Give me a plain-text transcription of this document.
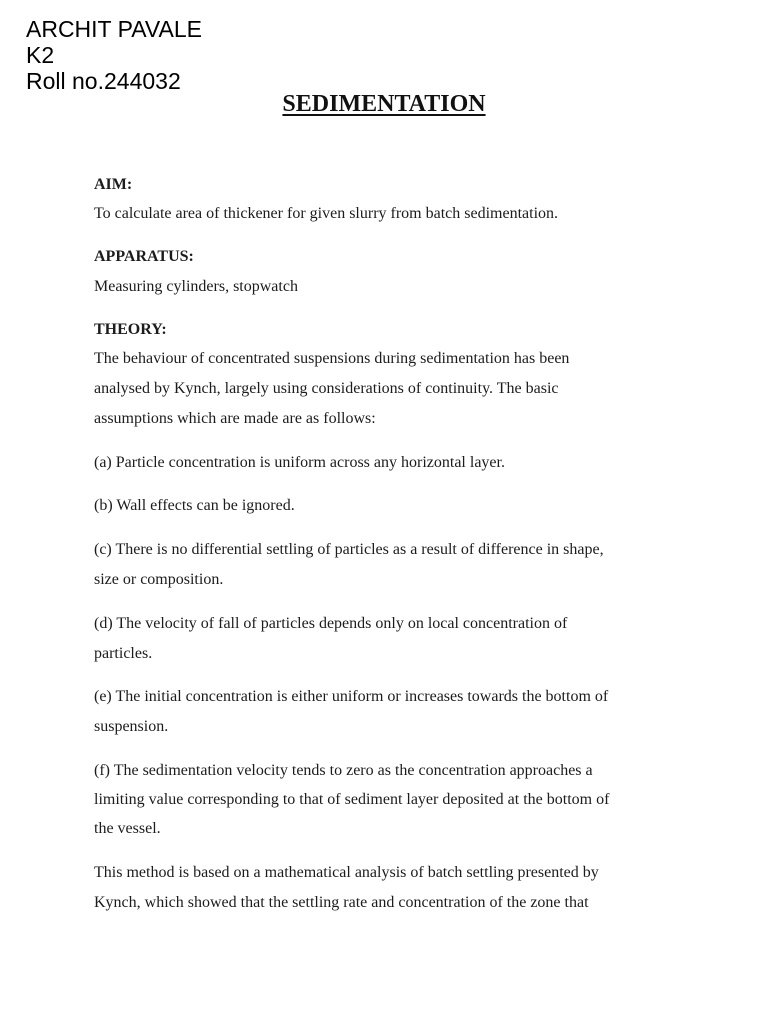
ARCHIT PAVALE
K2
Roll no.244032
SEDIMENTATION

AIM:

To calculate area of thickener for given slurry from batch sedimentation.

APPARATUS:

Measuring cylinders, stopwatch

THEORY:

The behaviour of concentrated suspensions during sedimentation has been

analysed by Kynch, largely using considerations of continuity. The basic

assumptions which are made are as follows:

(a) Particle concentration is uniform across any horizontal layer.

(b) Wall effects can be ignored.

(c) There is no differential settling of particles as a result of difference in shape,

size or composition.

(d) The velocity of fall of particles depends only on local concentration of

particles.

(e) The initial concentration is either uniform or increases towards the bottom of

suspension.

(f) The sedimentation velocity tends to zero as the concentration approaches a

limiting value corresponding to that of sediment layer deposited at the bottom of

the vessel.

This method is based on a mathematical analysis of batch settling presented by

Kynch, which showed that the settling rate and concentration of the zone that
